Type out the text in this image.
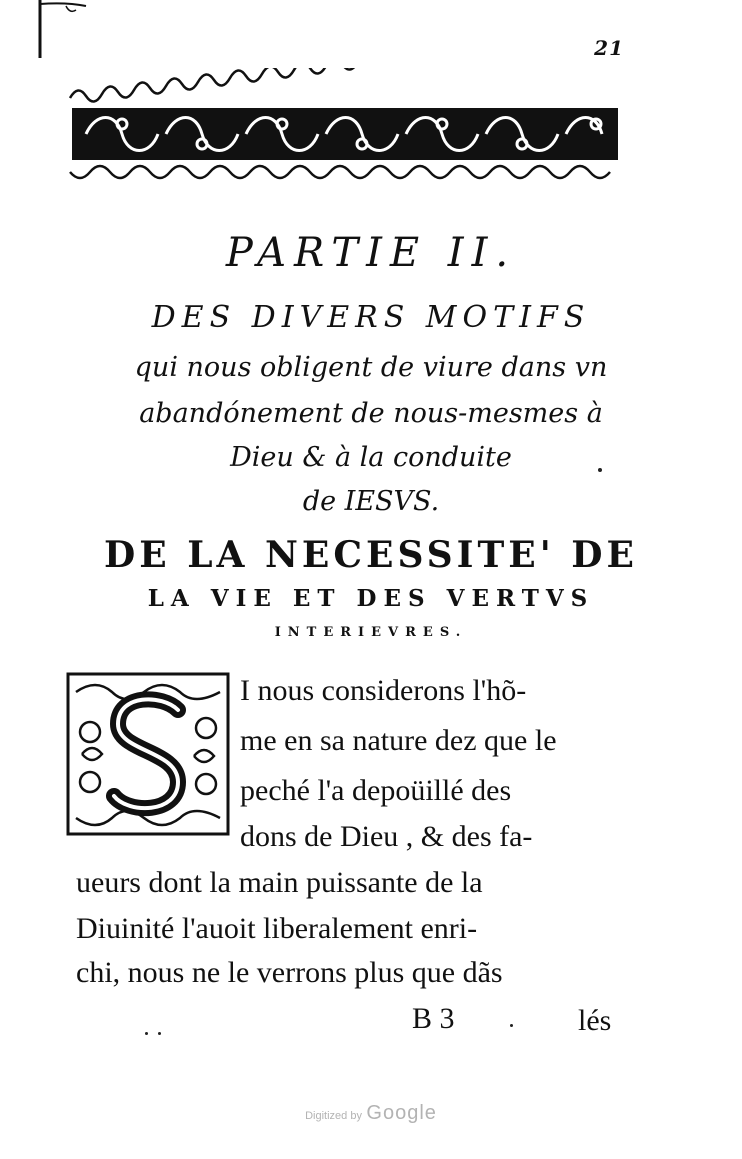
21
PARTIE II.
DES DIVERS MOTIFS
qui nous obligent de viure dans vn
abandónement de nous-mesmes à
Dieu & à la conduite
de IESVS.
DE LA NECESSITE' DE
LA VIE ET DES VERTVS
INTERIEVRES.
I nous considerons l'hõ-
me en sa nature dez que le
peché l'a depoüillé des
dons de Dieu , & des fa-
ueurs dont la main puissante de la
Diuinité l'auoit liberalement enri-
chi, nous ne le verrons plus que dãs
B 3	lés
Digitized by Google
